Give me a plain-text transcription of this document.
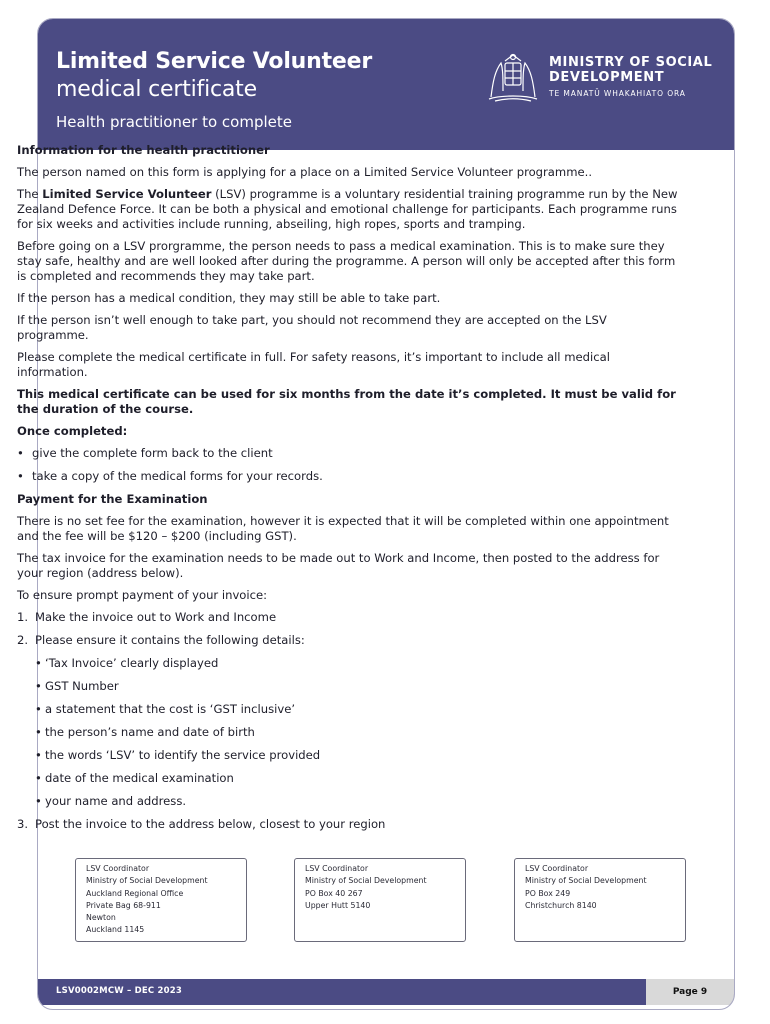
Limited Service Volunteer
medical certificate
Health practitioner to complete
MINISTRY OF SOCIAL
DEVELOPMENT
TE MANATŪ WHAKAHIATO ORA

Information for the health practitioner

The person named on this form is applying for a place on a Limited Service Volunteer programme..

The Limited Service Volunteer (LSV) programme is a voluntary residential training programme run by the New Zealand Defence Force. It can be both a physical and emotional challenge for participants. Each programme runs for six weeks and activities include running, abseiling, high ropes, sports and tramping.

Before going on a LSV prorgramme, the person needs to pass a medical examination. This is to make sure they stay safe, healthy and are well looked after during the programme. A person will only be accepted after this form is completed and recommends they may take part.

If the person has a medical condition, they may still be able to take part.

If the person isn’t well enough to take part, you should not recommend they are accepted on the LSV programme.

Please complete the medical certificate in full. For safety reasons, it’s important to include all medical information.

This medical certificate can be used for six months from the date it’s completed. It must be valid for the duration of the course.

Once completed:

• give the complete form back to the client
• take a copy of the medical forms for your records.

Payment for the Examination

There is no set fee for the examination, however it is expected that it will be completed within one appointment and the fee will be $120 – $200 (including GST).

The tax invoice for the examination needs to be made out to Work and Income, then posted to the address for your region (address below).

To ensure prompt payment of your invoice:

1. Make the invoice out to Work and Income
2. Please ensure it contains the following details:
• ‘Tax Invoice’ clearly displayed
• GST Number
• a statement that the cost is ‘GST inclusive’
• the person’s name and date of birth
• the words ‘LSV’ to identify the service provided
• date of the medical examination
• your name and address.
3. Post the invoice to the address below, closest to your region
LSV Coordinator
Ministry of Social Development
Auckland Regional Office
Private Bag 68-911
Newton
Auckland 1145
LSV Coordinator
Ministry of Social Development
PO Box 40 267
Upper Hutt 5140
LSV Coordinator
Ministry of Social Development
PO Box 249
Christchurch 8140
LSV0002MCW – DEC 2023	Page 9
